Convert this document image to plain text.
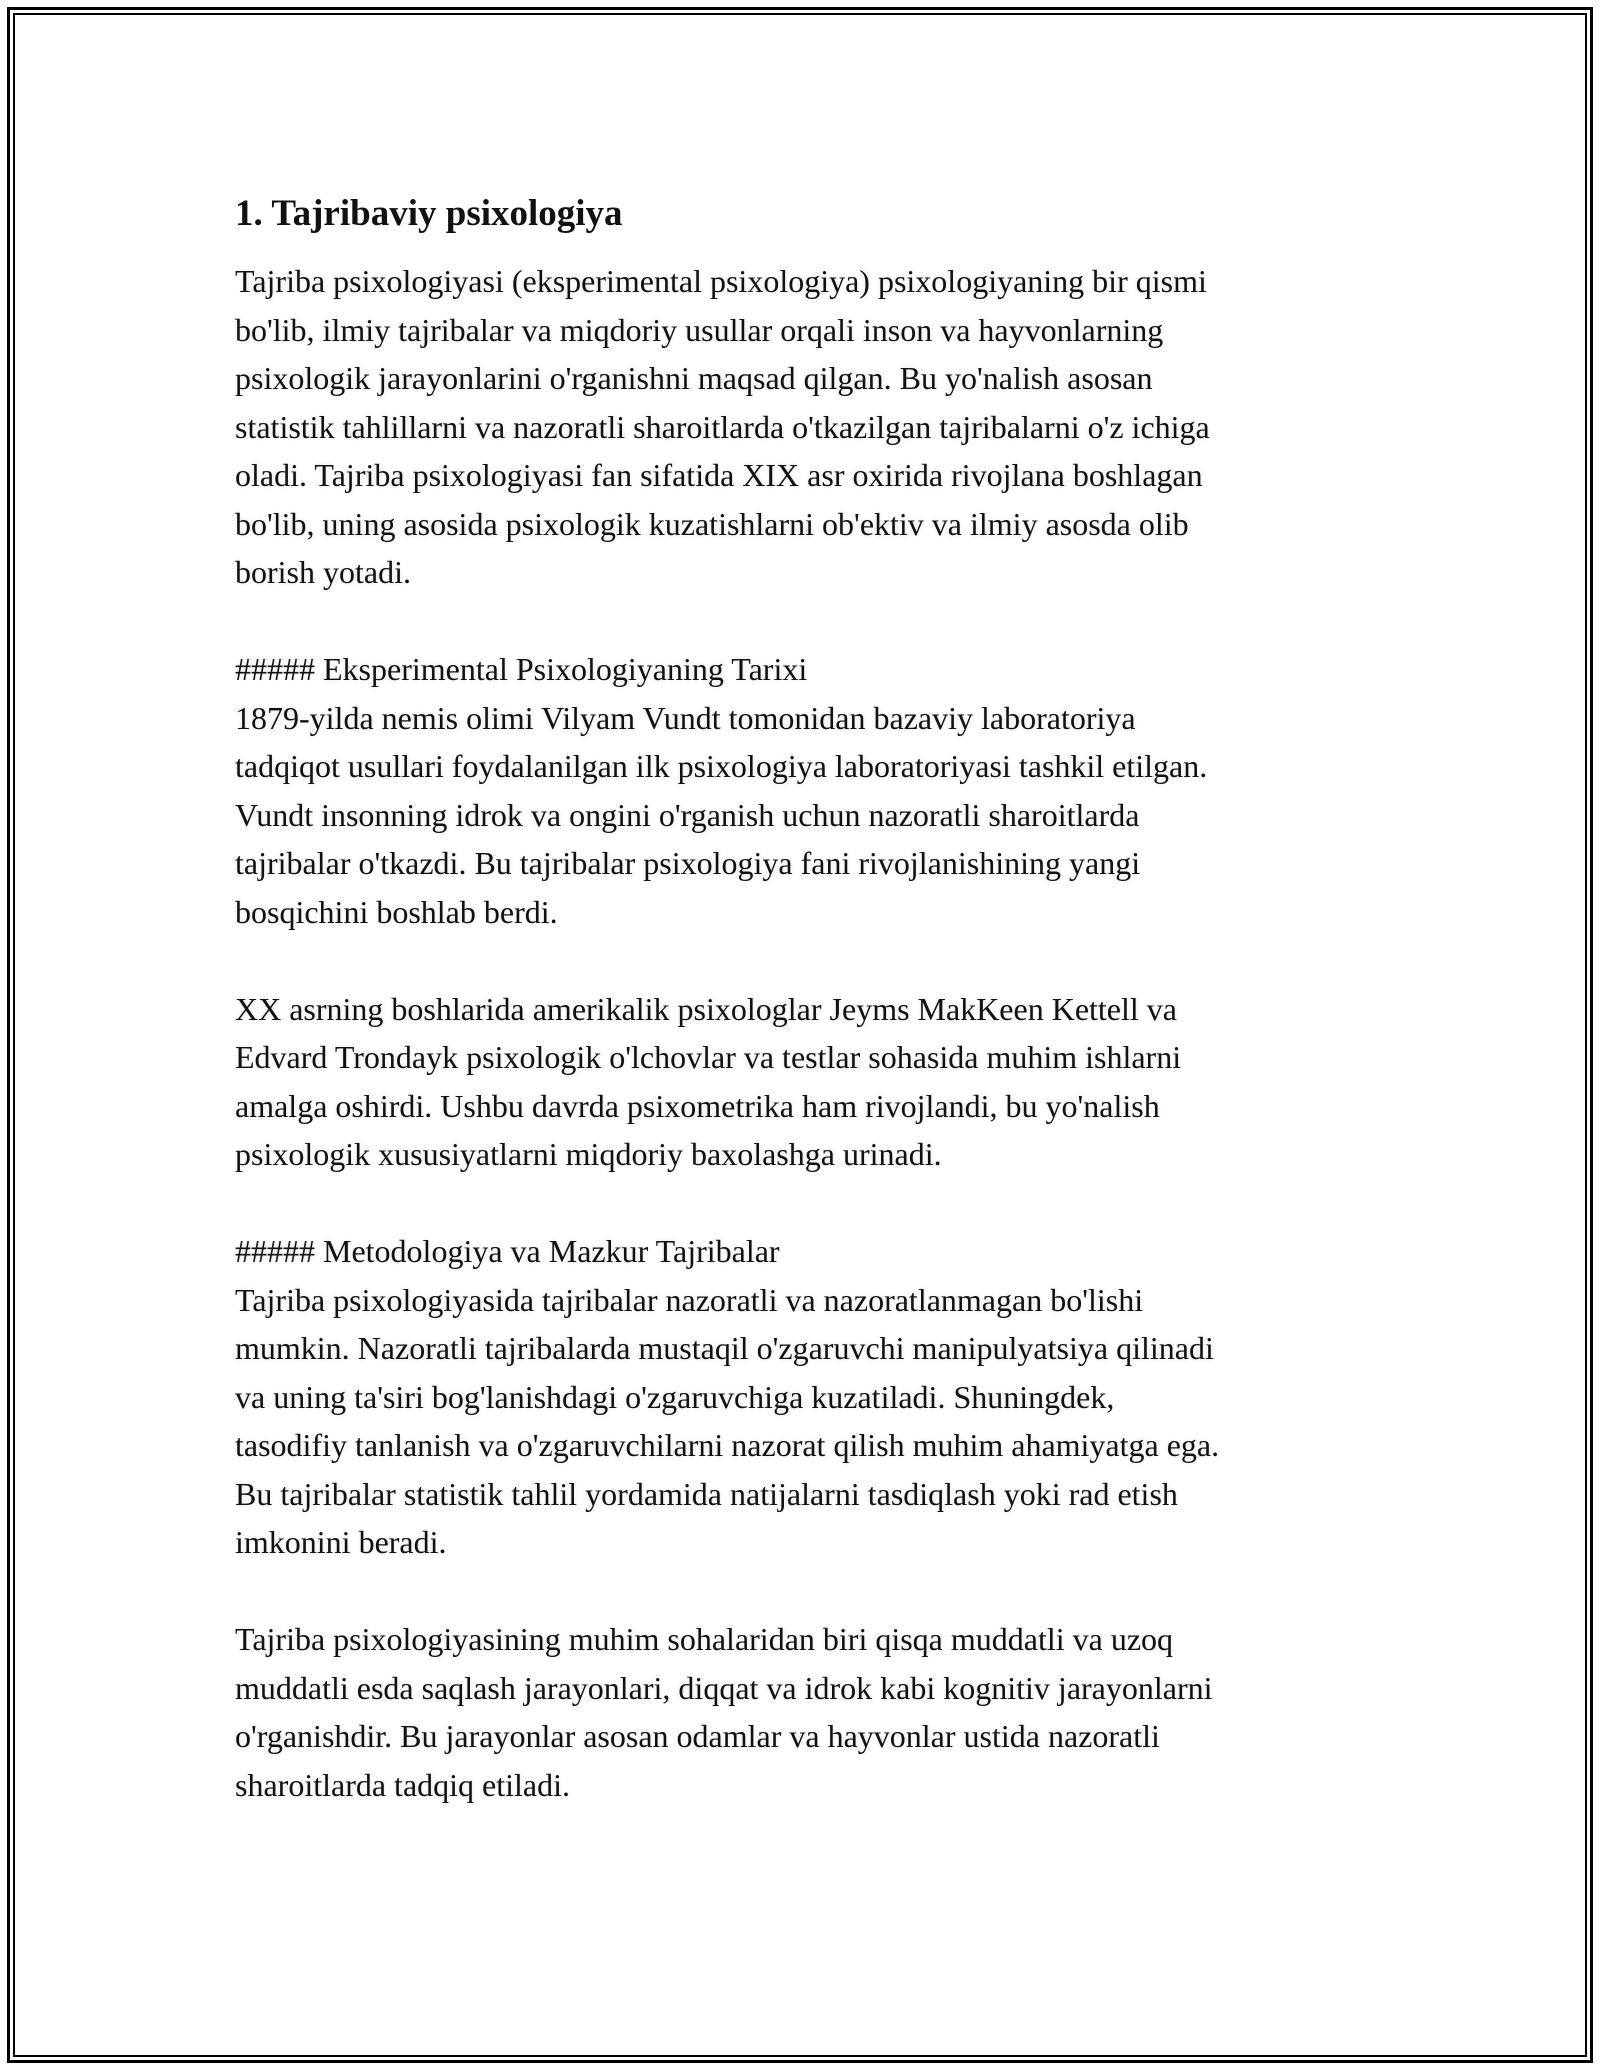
1. Tajribaviy psixologiya

Tajriba psixologiyasi (eksperimental psixologiya) psixologiyaning bir qismi
bo'lib, ilmiy tajribalar va miqdoriy usullar orqali inson va hayvonlarning
psixologik jarayonlarini o'rganishni maqsad qilgan. Bu yo'nalish asosan
statistik tahlillarni va nazoratli sharoitlarda o'tkazilgan tajribalarni o'z ichiga
oladi. Tajriba psixologiyasi fan sifatida XIX asr oxirida rivojlana boshlagan
bo'lib, uning asosida psixologik kuzatishlarni ob'ektiv va ilmiy asosda olib
borish yotadi.

##### Eksperimental Psixologiyaning Tarixi

1879-yilda nemis olimi Vilyam Vundt tomonidan bazaviy laboratoriya
tadqiqot usullari foydalanilgan ilk psixologiya laboratoriyasi tashkil etilgan.
Vundt insonning idrok va ongini o'rganish uchun nazoratli sharoitlarda
tajribalar o'tkazdi. Bu tajribalar psixologiya fani rivojlanishining yangi
bosqichini boshlab berdi.

XX asrning boshlarida amerikalik psixologlar Jeyms MakKeen Kettell va
Edvard Trondayk psixologik o'lchovlar va testlar sohasida muhim ishlarni
amalga oshirdi. Ushbu davrda psixometrika ham rivojlandi, bu yo'nalish
psixologik xususiyatlarni miqdoriy baxolashga urinadi.

##### Metodologiya va Mazkur Tajribalar

Tajriba psixologiyasida tajribalar nazoratli va nazoratlanmagan bo'lishi
mumkin. Nazoratli tajribalarda mustaqil o'zgaruvchi manipulyatsiya qilinadi
va uning ta'siri bog'lanishdagi o'zgaruvchiga kuzatiladi. Shuningdek,
tasodifiy tanlanish va o'zgaruvchilarni nazorat qilish muhim ahamiyatga ega.
Bu tajribalar statistik tahlil yordamida natijalarni tasdiqlash yoki rad etish
imkonini beradi.

Tajriba psixologiyasining muhim sohalaridan biri qisqa muddatli va uzoq
muddatli esda saqlash jarayonlari, diqqat va idrok kabi kognitiv jarayonlarni
o'rganishdir. Bu jarayonlar asosan odamlar va hayvonlar ustida nazoratli
sharoitlarda tadqiq etiladi.
